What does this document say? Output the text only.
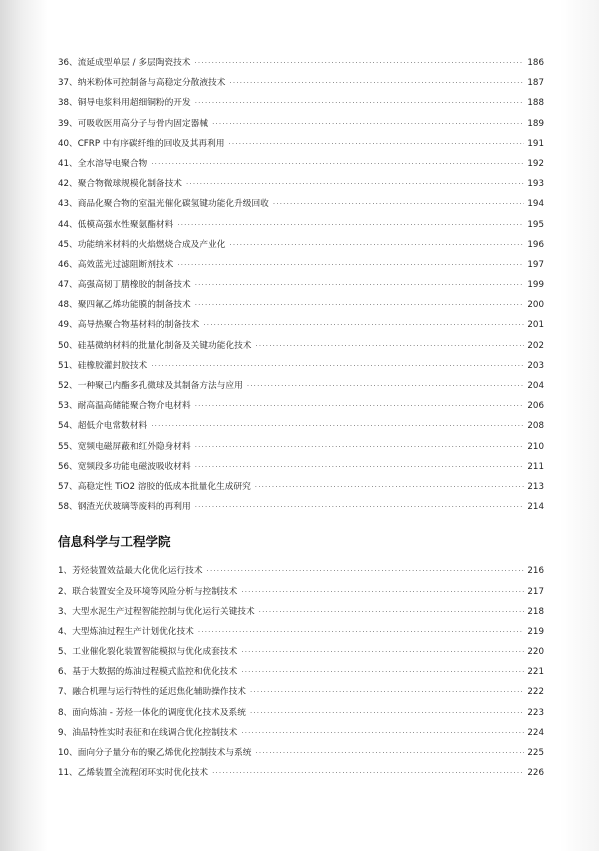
36、流延成型单层 / 多层陶瓷技术 ·····	186
37、纳米粉体可控制备与高稳定分散液技术 ·····	187
38、铜导电浆料用超细铜粉的开发 ·····	188
39、可吸收医用高分子与骨内固定器械 ·····	189
40、CFRP 中有序碳纤维的回收及其再利用 ·····	191
41、全水溶导电聚合物 ·····	192
42、聚合物微球规模化制备技术 ·····	193
43、商品化聚合物的室温光催化碳氢键功能化升级回收 ·····	194
44、低模高强水性聚氨酯材料 ·····	195
45、功能纳米材料的火焰燃烧合成及产业化 ·····	196
46、高效蓝光过滤阻断剂技术 ·····	197
47、高强高韧丁腈橡胶的制备技术 ·····	199
48、聚四氟乙烯功能膜的制备技术 ·····	200
49、高导热聚合物基材料的制备技术 ·····	201
50、硅基微纳材料的批量化制备及关键功能化技术 ·····	202
51、硅橡胶灌封胶技术 ·····	203
52、一种聚己内酯多孔微球及其制备方法与应用 ·····	204
53、耐高温高储能聚合物介电材料 ·····	206
54、超低介电常数材料 ·····	208
55、宽频电磁屏蔽和红外隐身材料 ·····	210
56、宽频段多功能电磁波吸收材料 ·····	211
57、高稳定性 TiO2 溶胶的低成本批量化生成研究 ·····	213
58、钢渣光伏玻璃等废料的再利用 ·····	214
信息科学与工程学院
1、芳烃装置效益最大化优化运行技术 ·····	216
2、联合装置安全及环境等风险分析与控制技术 ·····	217
3、大型水泥生产过程智能控制与优化运行关键技术 ·····	218
4、大型炼油过程生产计划优化技术 ·····	219
5、工业催化裂化装置智能模拟与优化成套技术 ·····	220
6、基于大数据的炼油过程模式监控和优化技术 ·····	221
7、融合机理与运行特性的延迟焦化辅助操作技术 ·····	222
8、面向炼油 - 芳烃一体化的调度优化技术及系统 ·····	223
9、油品特性实时表征和在线调合优化控制技术 ·····	224
10、面向分子量分布的聚乙烯优化控制技术与系统 ·····	225
11、乙烯装置全流程闭环实时优化技术 ·····	226
